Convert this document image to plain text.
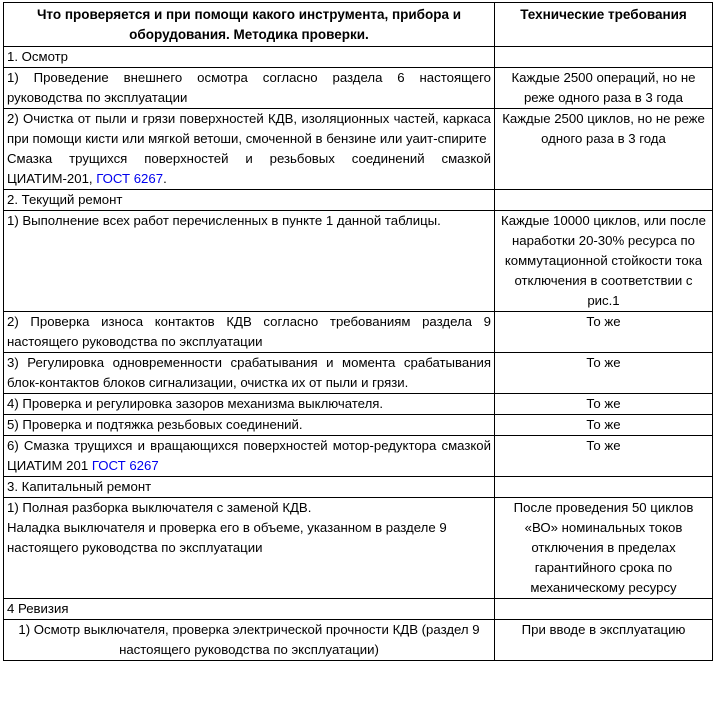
Что проверяется и при помощи какого инструмента, прибора и оборудования. Методика проверки.	Технические требования
1. Осмотр	
1) Проведение внешнего осмотра согласно раздела 6 настоящего руководства по эксплуатации	Каждые 2500 операций, но не реже одного раза в 3 года

2) Очистка от пыли и грязи поверхностей КДВ, изоляционных частей, каркаса при помощи кисти или мягкой ветоши, смоченной в бензине или уаит-спирите
Смазка трущихся поверхностей и резьбовых соединений смазкой ЦИАТИМ-201, ГОСТ 6267.	Каждые 2500 циклов, но не реже одного раза в 3 года
2. Текущий ремонт	
1) Выполнение всех работ перечисленных в пункте 1 данной таблицы.	Каждые 10000 циклов, или после наработки 20-30% ресурса по коммутационной стойкости тока отключения в соответствии с рис.1
2) Проверка износа контактов КДВ согласно требованиям раздела 9 настоящего руководства по эксплуатации	То же
3) Регулировка одновременности срабатывания и момента срабатывания блок-контактов блоков сигнализации, очистка их от пыли и грязи.	То же
4) Проверка и регулировка зазоров механизма выключателя.	То же
5) Проверка и подтяжка резьбовых соединений.	То же
6) Смазка трущихся и вращающихся поверхностей мотор-редуктора смазкой ЦИАТИМ 201 ГОСТ 6267	То же
3. Капитальный ремонт	

1) Полная разборка выключателя с заменой КДВ.
Наладка выключателя и проверка его в объеме, указанном в разделе 9 настоящего руководства по эксплуатации	После проведения 50 циклов «ВО» номинальных токов отключения в пределах гарантийного срока по механическому ресурсу
4 Ревизия	
1) Осмотр выключателя, проверка электрической прочности КДВ (раздел 9 настоящего руководства по эксплуатации)	При вводе в эксплуатацию
